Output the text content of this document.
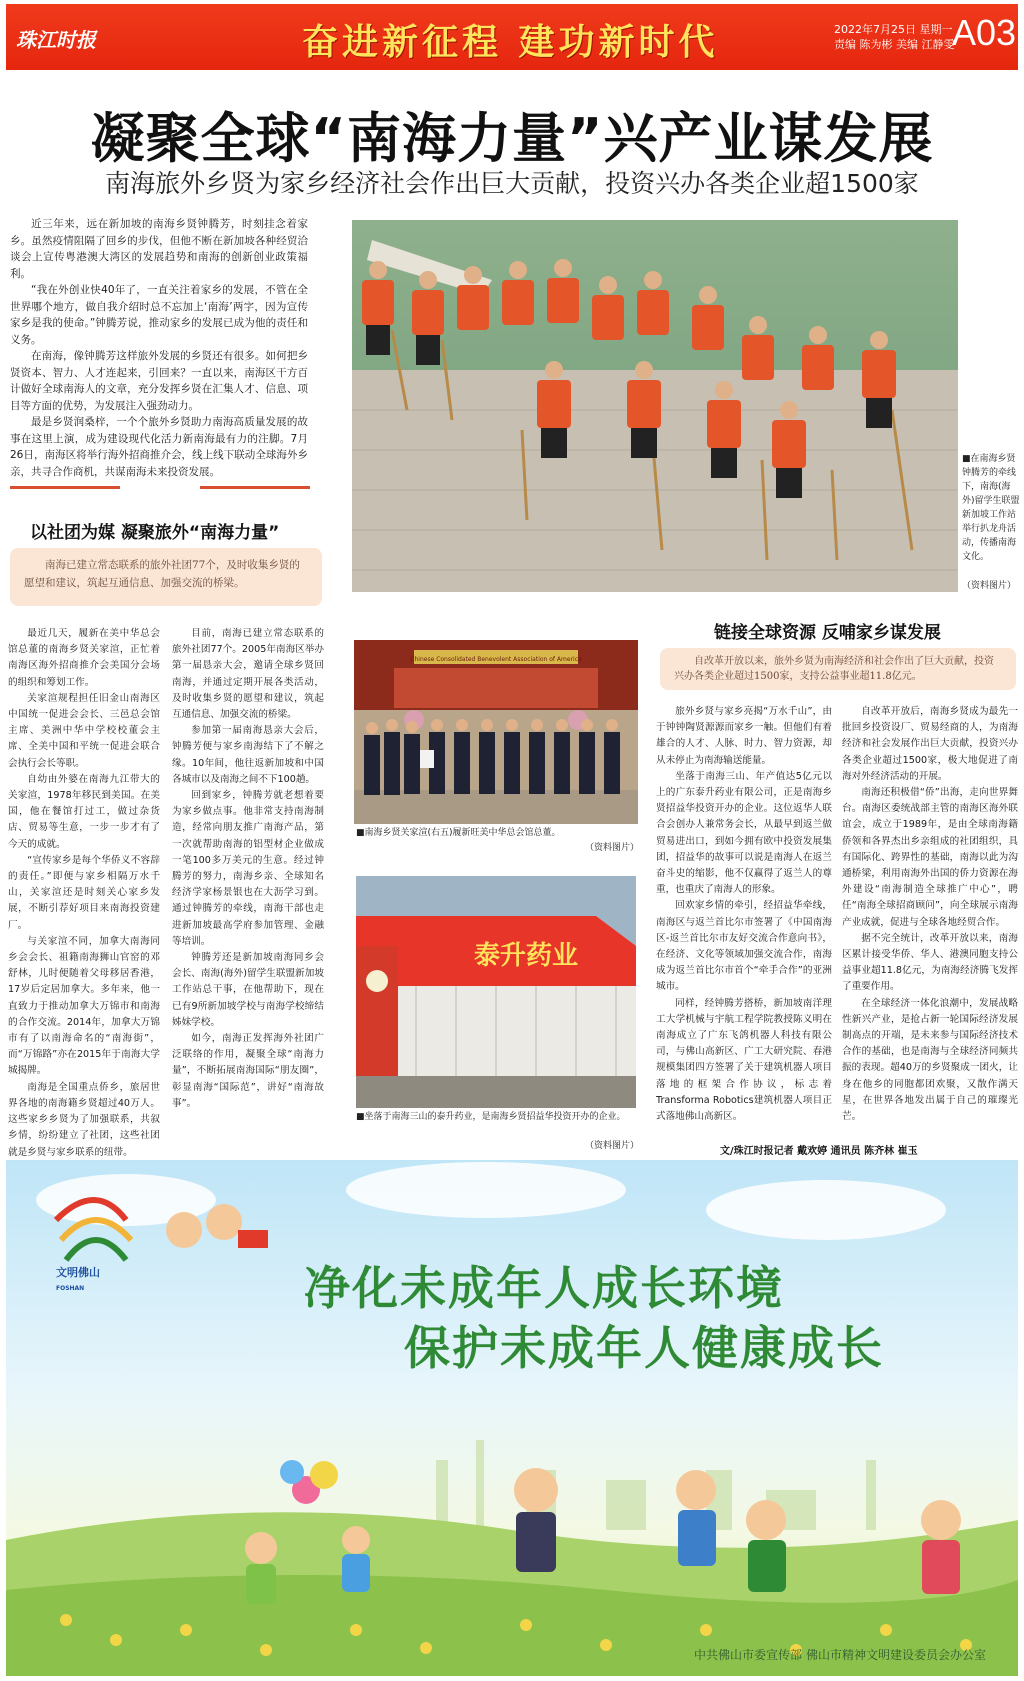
珠江时报	奋进新征程 建功新时代	2022年7月25日 星期一
责编 陈为彬 美编 江静雯
A03
凝聚全球“南海力量”兴产业谋发展
南海旅外乡贤为家乡经济社会作出巨大贡献，投资兴办各类企业超1500家

近三年来，远在新加坡的南海乡贤钟腾芳，时刻挂念着家乡。虽然疫情阻隔了回乡的步伐，但他不断在新加坡各种经贸洽谈会上宣传粤港澳大湾区的发展趋势和南海的创新创业政策福利。

“我在外创业快40年了，一直关注着家乡的发展，不管在全世界哪个地方，做自我介绍时总不忘加上‘南海’两字，因为宣传家乡是我的使命。”钟腾芳说，推动家乡的发展已成为他的责任和义务。

在南海，像钟腾芳这样旅外发展的乡贤还有很多。如何把乡贤资本、智力、人才连起来，引回来？一直以来，南海区干方百计做好全球南海人的文章，充分发挥乡贤在汇集人才、信息、项目等方面的优势，为发展注入强劲动力。

最是乡贤润桑梓，一个个旅外乡贤助力南海高质量发展的故事在这里上演，成为建设现代化活力新南海最有力的注脚。7月26日，南海区将举行海外招商推介会，线上线下联动全球海外乡亲，共寻合作商机，共谋南海未来投资发展。

■在南海乡贤钟腾芳的牵线下，南海(海外)留学生联盟新加坡工作站举行扒龙舟活动，传播南海文化。
（资料图片）
以社团为媒 凝聚旅外“南海力量”
南海已建立常态联系的旅外社团77个，及时收集乡贤的愿望和建议，筑起互通信息、加强交流的桥梁。

最近几天，履新在美中华总会馆总董的南海乡贤关家渲，正忙着南海区海外招商推介会美国分会场的组织和筹划工作。

关家渲规程担任旧金山南海区中国统一促进会会长、三邑总会馆主席、美洲中华中学校校董会主席、全美中国和平统一促进会联合会执行会长等职。

自幼由外婆在南海九江带大的关家渲，1978年移民到美国。在美国，他在餐馆打过工，做过杂货店、贸易等生意，一步一步才有了今天的成就。

“宣传家乡是每个华侨义不容辞的责任。”即便与家乡相隔万水千山，关家渲还是时刻关心家乡发展，不断引荐好项目来南海投资建厂。

与关家渲不同，加拿大南海同乡会会长、祖籍南海狮山官窑的邓舒林，儿时便随着父母移居香港，17岁后定居加拿大。多年来，他一直致力于推动加拿大万锦市和南海的合作交流。2014年，加拿大万锦市有了以南海命名的“南海街”，而“万锦路”亦在2015年于南海大学城揭牌。

南海是全国重点侨乡，旅居世界各地的南海籍乡贤超过40万人。这些家乡乡贤为了加强联系，共叙乡情，纷纷建立了社团，这些社团就是乡贤与家乡联系的纽带。

目前，南海已建立常态联系的旅外社团77个。2005年南海区举办第一届恳亲大会，邀请全球乡贤回南海，并通过定期开展各类活动，及时收集乡贤的愿望和建议，筑起互通信息、加强交流的桥梁。

参加第一届南海恳亲大会后，钟腾芳便与家乡南海结下了不解之缘。10年间，他往返新加坡和中国各城市以及南海之间不下100趟。

回到家乡，钟腾芳就老想着要为家乡做点事。他非常支持南海制造，经常向朋友推广南海产品，第一次就帮助南海的铝型材企业做成一笔100多万美元的生意。经过钟腾芳的努力，南海乡亲、全球知名经济学家杨景银也在大沥学习到。通过钟腾芳的牵线，南海干部也走进新加坡最高学府参加管理、金融等培训。

钟腾芳还是新加坡南海同乡会会长、南海(海外)留学生联盟新加坡工作站总干事，在他帮助下，现在已有9所新加坡学校与南海学校缔结姊妹学校。

如今，南海正发挥海外社团广泛联络的作用，凝聚全球“南海力量”，不断拓展南海国际“朋友圈”，彰显南海“国际范”，讲好“南海故事”。

Chinese Consolidated Benevolent Association of America
■南海乡贤关家渲(右五)履新旺美中华总会馆总董。
（资料图片）
泰升药业
■坐落于南海三山的泰升药业，是南海乡贤招益华投资开办的企业。
（资料图片）
链接全球资源 反哺家乡谋发展
自改革开放以来，旅外乡贤为南海经济和社会作出了巨大贡献，投资兴办各类企业超过1500家，支持公益事业超11.8亿元。

旅外乡贤与家乡亮揭“万水千山”，由于钟钟陶贤源源而家乡一触。但他们有着雄合的人才、人脉、时力、智力资源，却从未停止为南海输送能量。

坐落于南海三山、年产值达5亿元以上的广东泰升药业有限公司，正是南海乡贤招益华投资开办的企业。这位返华人联合会创办人兼常务会长，从最早到返兰做贸易进出口，到如今拥有欧中投资发展集团，招益华的故事可以说是南海人在返兰奋斗史的缩影，他不仅赢得了返兰人的尊重，也重庆了南海人的形象。

回欢家乡情的牵引，经招益华牵线，南海区与返兰首比尔市签署了《中国南海区-返兰首比尔市友好交流合作意向书》，在经济、文化等领域加强交流合作，南海成为返兰首比尔市首个“牵手合作”的亚洲城市。

同样，经钟腾芳搭桥，新加坡南洋理工大学机械与宇航工程学院教授陈义明在南海成立了广东飞鸽机器人科技有限公司，与佛山高新区、广工大研究院、春港规模集团四方签署了关于建筑机器人项目落地的框架合作协议，标志着Transforma Robotics建筑机器人项目正式落地佛山高新区。

自改革开放后，南海乡贤成为最先一批回乡投资设厂、贸易经商的人，为南海经济和社会发展作出巨大贡献，投资兴办各类企业超过1500家，极大地促进了南海对外经济活动的开展。

南海还积极借“侨”出海，走向世界舞台。南海区委统战部主管的南海区海外联谊会，成立于1989年，是由全球南海籍侨领和各界杰出乡亲组成的社团组织，具有国际化、跨界性的基础，南海以此为沟通桥梁，利用南海外出国的侨力资源在海外建设“南海制造全球推广中心”，聘任“南海全球招商顾问”，向全球展示南海产业成就，促进与全球各地经贸合作。

据不完全统计，改革开放以来，南海区累计接受华侨、华人、港澳同胞支持公益事业超11.8亿元，为南海经济腾飞发挥了重要作用。

在全球经济一体化浪潮中，发展战略性新兴产业，是抢占新一轮国际经济发展制高点的开端，是未来参与国际经济技术合作的基础，也是南海与全球经济同频共振的表现。超40万的乡贤聚成一团火，让身在他乡的同胞都团欢聚，又散作满天星，在世界各地发出属于自己的璀璨光芒。

文/珠江时报记者 戴欢婷 通讯员 陈齐林 崔玉
文明佛山
FOSHAN	净化未成年人成长环境
保护未成年人健康成长
中共佛山市委宣传部 佛山市精神文明建设委员会办公室
